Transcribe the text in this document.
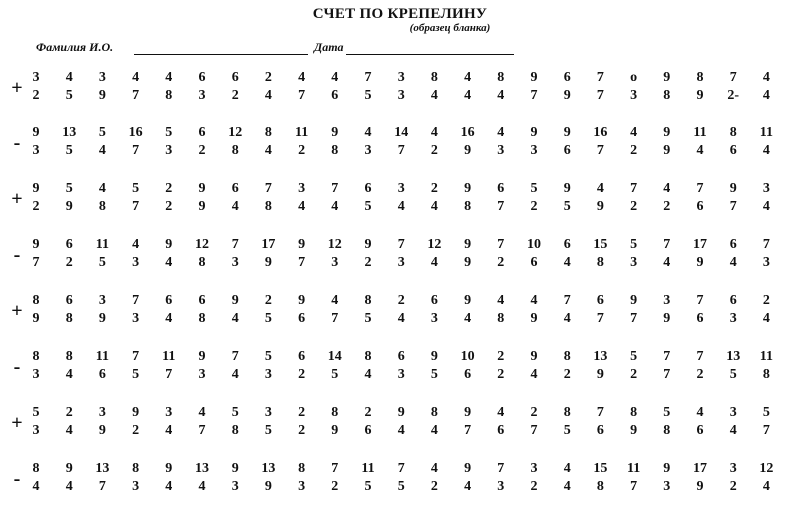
СЧЕТ ПО КРЕПЕЛИНУ
(образец бланка)
Фамилия И.О.	Дата
+ 3	4	3	4	4	6	6	2	4	4	7	3	8	4	8	9	6	7	o	9	8	7	4
2	5	9	7	8	3	2	4	7	6	5	3	4	4	4	7	9	7	3	8	9	2-	4
- 9	13	5	16	5	6	12	8	11	9	4	14	4	16	4	9	9	16	4	9	11	8	11
3	5	4	7	3	2	8	4	2	8	3	7	2	9	3	3	6	7	2	9	4	6	4
+ 9	5	4	5	2	9	6	7	3	7	6	3	2	9	6	5	9	4	7	4	7	9	3
2	9	8	7	2	9	4	8	4	4	5	4	4	8	7	2	5	9	2	2	6	7	4
- 9	6	11	4	9	12	7	17	9	12	9	7	12	9	7	10	6	15	5	7	17	6	7
7	2	5	3	4	8	3	9	7	3	2	3	4	9	2	6	4	8	3	4	9	4	3
+ 8	6	3	7	6	6	9	2	9	4	8	2	6	9	4	4	7	6	9	3	7	6	2
9	8	9	3	4	8	4	5	6	7	5	4	3	4	8	9	4	7	7	9	6	3	4
- 8	8	11	7	11	9	7	5	6	14	8	6	9	10	2	9	8	13	5	7	7	13	11
3	4	6	5	7	3	4	3	2	5	4	3	5	6	2	4	2	9	2	7	2	5	8
+ 5	2	3	9	3	4	5	3	2	8	2	9	8	9	4	2	8	7	8	5	4	3	5
3	4	9	2	4	7	8	5	2	9	6	4	4	7	6	7	5	6	9	8	6	4	7
- 8	9	13	8	9	13	9	13	8	7	11	7	4	9	7	3	4	15	11	9	17	3	12
4	4	7	3	4	4	3	9	3	2	5	5	2	4	3	2	4	8	7	3	9	2	4
